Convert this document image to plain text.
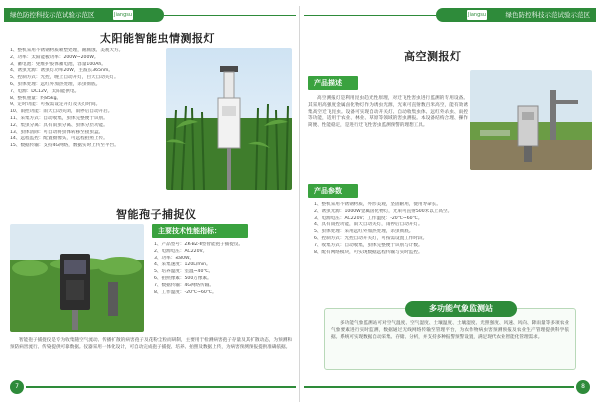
绿色防控科技示范试验示范区	Jiangsu
太阳能智能虫情测报灯
1、整机采用不锈钢材质喷塑处理，耐腐蚀、美观大方。
2、功率：太阳能板功率：200W~200W。
3、蓄电池：免维护胶体蓄电池，容量100Ah。
4、诱虫光源：诱虫灯功率20W，主波长365nm。
5、控制方式：光控，晚上自动开灯，白天自动关灯。
6、虫体处理：远红外加热处理，杀虫彻底。
7、电源：DC12V，太阳能供电。
8、整机重量：约85kg。
9、定时功能：可按需设定开灯及关灯时间。
10、雨控功能：雨天自动关闭，雨停后自动开启。
11、采集方式：自动收集，虫体完整便于识别。
12、集虫分离：具有雨虫分离、虫体分层功能。
13、虫体清除：可自动将虫体转移至接虫盒。
14、远程监控：配置摄像头，可远程拍照上传。
15、数据传输：支持4G网络，数据实时上传至平台。
智能孢子捕捉仪
主要技术性能指标：
1、产品型号：ZK-BZ-Ⅱ型智能孢子捕捉仪。
2、电源电压：AC220V。
3、功率：≤80W。
4、采集速度：120L/min。
5、培养温度：室温~40℃。
6、拍照像素：500万像素。
7、数据传输：4G网络传输。
8、工作温度：-20℃~60℃。

智能孢子捕捉仪是专为收集随空气流动、传播扩散的病害孢子及花粉尘粒而研制，主要用于检测病害孢子存量及其扩散动态，为预测和预防病害流行、传染提供可靠数据。仪器采用一体化设计，可自动完成孢子捕捉、培养、拍照及数据上传，为病害预测预报提供准确依据。

7
绿色防控科技示范试验示范区
Jiangsu
高空测报灯
产品描述

高空测报灯是利用昆虫趋光性原理，对迁飞性害虫进行监测的专用设备。其采用高强度金属卤化物灯作为诱虫光源，光束可直射数百米高空，能有效诱集高空迁飞昆虫。设备可实现自动开关灯、自动收集虫体、远红外杀虫、雨控等功能，适用于农业、林业、草原等领域的害虫测报。本设备结构合理、操作简便、性能稳定，是进行迁飞性害虫监测预警的理想工具。

产品参数
1、整机采用不锈钢材质，外形美观，坚固耐用，使用寿命长。
2、诱虫光源：1000W金属卤化物灯，光束可直射500米以上高空。
3、电源电压：AC220V；工作温度：-20℃~60℃。
4、具有雨控功能，雨天自动关灯，雨停后自动开灯。
5、虫体处理：采用远红外加热处理，杀虫彻底。
6、控制方式：光控自动开关灯，可按需设置工作时段。
7、收集方式：自动收集，虫体完整便于识别与计数。
8、配有网络模块，可实现数据远程传输与实时监控。
多功能气象监测站

多功能气象监测站可对空气温度、空气湿度、土壤温度、土壤湿度、光照强度、风速、风向、降雨量等多项农业气象要素进行实时监测，数据通过无线网络传输至管理平台，为农作物病虫害预测预报及农业生产管理提供科学依据。系统可实现数据自动采集、存储、分析，并支持多种报警预警设置，满足现代农业智能化管理需求。

8
